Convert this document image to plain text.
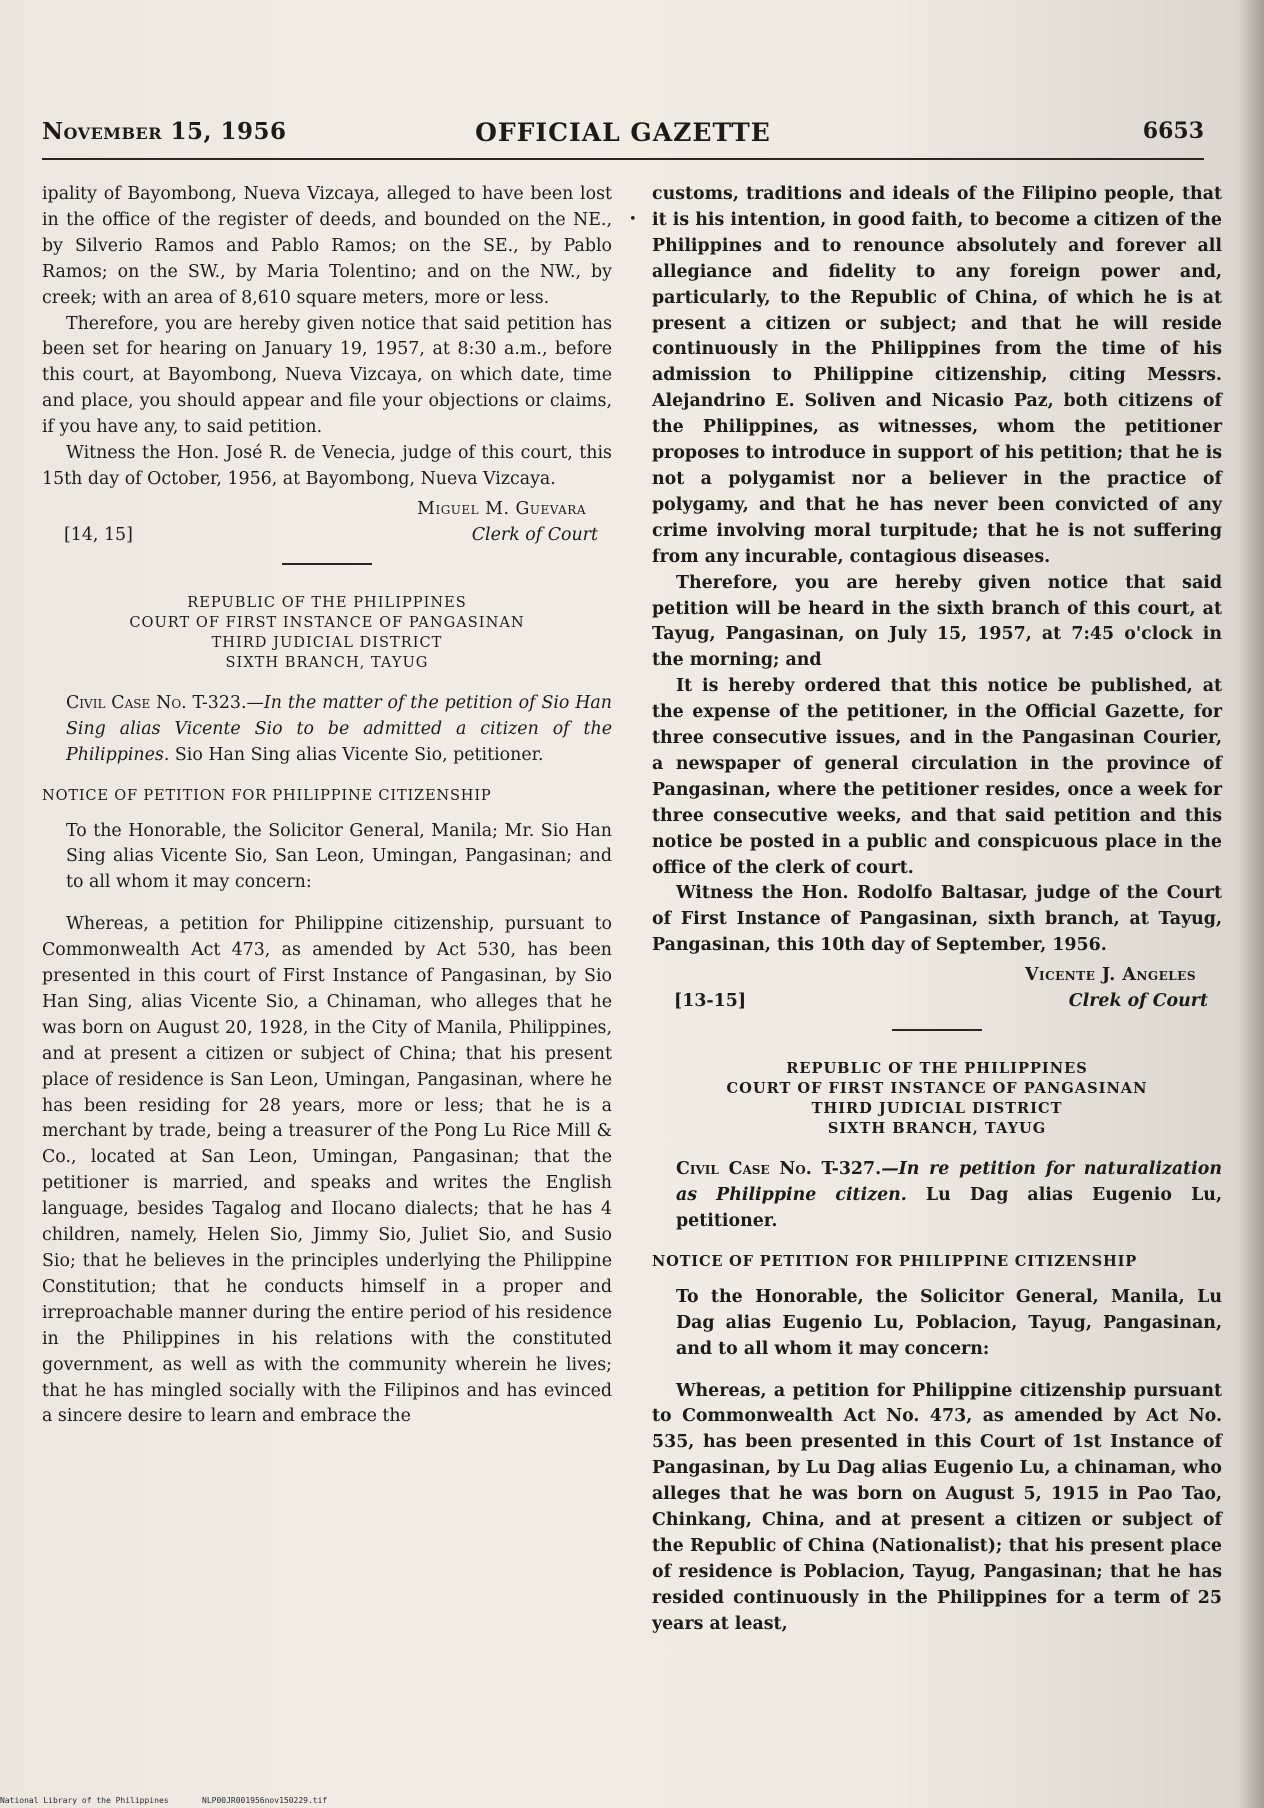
November 15, 1956	OFFICIAL GAZETTE	6653
•

ipality of Bayombong, Nueva Vizcaya, alleged to have been lost in the office of the register of deeds, and bounded on the NE., by Silverio Ramos and Pablo Ramos; on the SE., by Pablo Ramos; on the SW., by Maria Tolentino; and on the NW., by creek; with an area of 8,610 square meters, more or less.

Therefore, you are hereby given notice that said petition has been set for hearing on January 19, 1957, at 8:30 a.m., before this court, at Bayombong, Nueva Vizcaya, on which date, time and place, you should appear and file your objections or claims, if you have any, to said petition.

Witness the Hon. José R. de Venecia, judge of this court, this 15th day of October, 1956, at Bayombong, Nueva Vizcaya.

Miguel M. Guevara
[14, 15]	Clerk of Court
REPUBLIC OF THE PHILIPPINES
COURT OF FIRST INSTANCE OF PANGASINAN
THIRD JUDICIAL DISTRICT
SIXTH BRANCH, TAYUG

Civil Case No. T-323.—In the matter of the petition of Sio Han Sing alias Vicente Sio to be admitted a citizen of the Philippines. Sio Han Sing alias Vicente Sio, petitioner.

NOTICE OF PETITION FOR PHILIPPINE CITIZENSHIP

To the Honorable, the Solicitor General, Manila; Mr. Sio Han Sing alias Vicente Sio, San Leon, Umingan, Pangasinan; and to all whom it may concern:

Whereas, a petition for Philippine citizenship, pursuant to Commonwealth Act 473, as amended by Act 530, has been presented in this court of First Instance of Pangasinan, by Sio Han Sing, alias Vicente Sio, a Chinaman, who alleges that he was born on August 20, 1928, in the City of Manila, Philippines, and at present a citizen or subject of China; that his present place of residence is San Leon, Umingan, Pangasinan, where he has been residing for 28 years, more or less; that he is a merchant by trade, being a treasurer of the Pong Lu Rice Mill & Co., located at San Leon, Umingan, Pangasinan; that the petitioner is married, and speaks and writes the English language, besides Tagalog and Ilocano dialects; that he has 4 children, namely, Helen Sio, Jimmy Sio, Juliet Sio, and Susio Sio; that he believes in the principles underlying the Philippine Constitution; that he conducts himself in a proper and irreproachable manner during the entire period of his residence in the Philippines in his relations with the constituted government, as well as with the community wherein he lives; that he has mingled socially with the Filipinos and has evinced a sincere desire to learn and embrace the

customs, traditions and ideals of the Filipino people, that it is his intention, in good faith, to become a citizen of the Philippines and to renounce absolutely and forever all allegiance and fidelity to any foreign power and, particularly, to the Republic of China, of which he is at present a citizen or subject; and that he will reside continuously in the Philippines from the time of his admission to Philippine citizenship, citing Messrs. Alejandrino E. Soliven and Nicasio Paz, both citizens of the Philippines, as witnesses, whom the petitioner proposes to introduce in support of his petition; that he is not a polygamist nor a believer in the practice of polygamy, and that he has never been convicted of any crime involving moral turpitude; that he is not suffering from any incurable, contagious diseases.

Therefore, you are hereby given notice that said petition will be heard in the sixth branch of this court, at Tayug, Pangasinan, on July 15, 1957, at 7:45 o'clock in the morning; and

It is hereby ordered that this notice be published, at the expense of the petitioner, in the Official Gazette, for three consecutive issues, and in the Pangasinan Courier, a newspaper of general circulation in the province of Pangasinan, where the petitioner resides, once a week for three consecutive weeks, and that said petition and this notice be posted in a public and conspicuous place in the office of the clerk of court.

Witness the Hon. Rodolfo Baltasar, judge of the Court of First Instance of Pangasinan, sixth branch, at Tayug, Pangasinan, this 10th day of September, 1956.

Vicente J. Angeles
[13-15]	Clrek of Court
REPUBLIC OF THE PHILIPPINES
COURT OF FIRST INSTANCE OF PANGASINAN
THIRD JUDICIAL DISTRICT
SIXTH BRANCH, TAYUG

Civil Case No. T-327.—In re petition for naturalization as Philippine citizen. Lu Dag alias Eugenio Lu, petitioner.

NOTICE OF PETITION FOR PHILIPPINE CITIZENSHIP

To the Honorable, the Solicitor General, Manila, Lu Dag alias Eugenio Lu, Poblacion, Tayug, Pangasinan, and to all whom it may concern:

Whereas, a petition for Philippine citizenship pursuant to Commonwealth Act No. 473, as amended by Act No. 535, has been presented in this Court of 1st Instance of Pangasinan, by Lu Dag alias Eugenio Lu, a chinaman, who alleges that he was born on August 5, 1915 in Pao Tao, Chinkang, China, and at present a citizen or subject of the Republic of China (Nationalist); that his present place of residence is Poblacion, Tayug, Pangasinan; that he has resided continuously in the Philippines for a term of 25 years at least,

National Library of the Philippines	NLP00JR001956nov150229.tif
